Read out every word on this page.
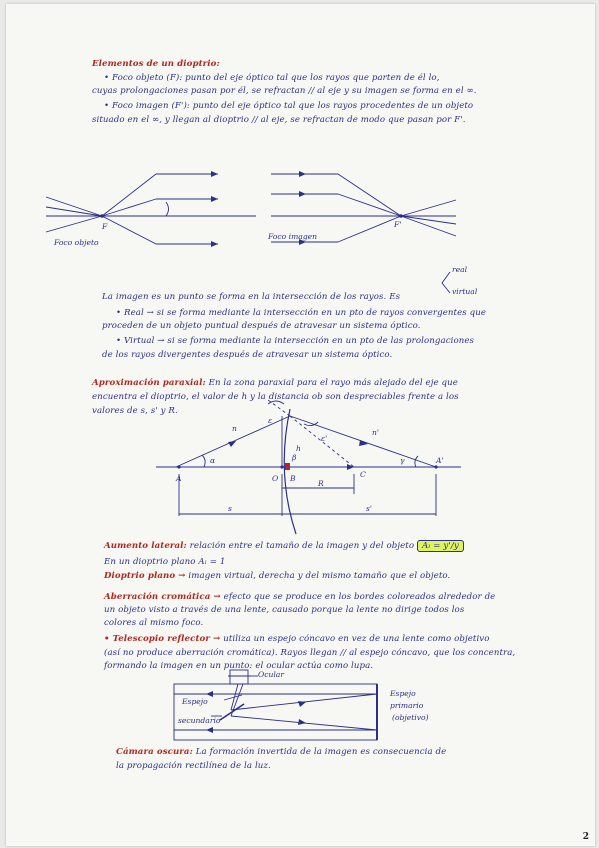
Elementos de un dioptrio:
• Foco objeto (F): punto del eje óptico tal que los rayos que parten de él lo,
cuyas prolongaciones pasan por él, se refractan // al eje y su imagen se forma en el ∞.
• Foco imagen (F'): punto del eje óptico tal que los rayos procedentes de un objeto
situado en el ∞, y llegan al dioptrio // al eje, se refractan de modo que pasan por F'.
F
Foco objeto
F'
Foco imagen
real
virtual
La imagen es un punto se forma en la intersección de los rayos. Es
• Real → si se forma mediante la intersección en un pto de rayos convergentes que
proceden de un objeto puntual después de atravesar un sistema óptico.
• Virtual → si se forma mediante la intersección en un pto de las prolongaciones
de los rayos divergentes después de atravesar un sistema óptico.
Aproximación paraxial: En la zona paraxial para el rayo más alejado del eje que
encuentra el dioptrio, el valor de h y la distancia ob son despreciables frente a los
valores de s, s' y R.
n	n'
ε
ε'
h
α	β	γ
A	O B	C
A'
R
s	s'
Aumento lateral: relación entre el tamaño de la imagen y del objeto Aₗ = y'/y
En un dioptrio plano Aₗ = 1
Dioptrio plano → imagen virtual, derecha y del mismo tamaño que el objeto.
Aberración cromática → efecto que se produce en los bordes coloreados alrededor de
un objeto visto a través de una lente, causado porque la lente no dirige todos los
colores al mismo foco.
• Telescopio reflector → utiliza un espejo cóncavo en vez de una lente como objetivo
(así no produce aberración cromática). Rayos llegan // al espejo cóncavo, que los concentra,
formando la imagen en un punto: el ocular actúa como lupa.
Ocular
Espejo
secundario
Espejo
primario
(objetivo)
Cámara oscura: La formación invertida de la imagen es consecuencia de
la propagación rectilínea de la luz.
2
